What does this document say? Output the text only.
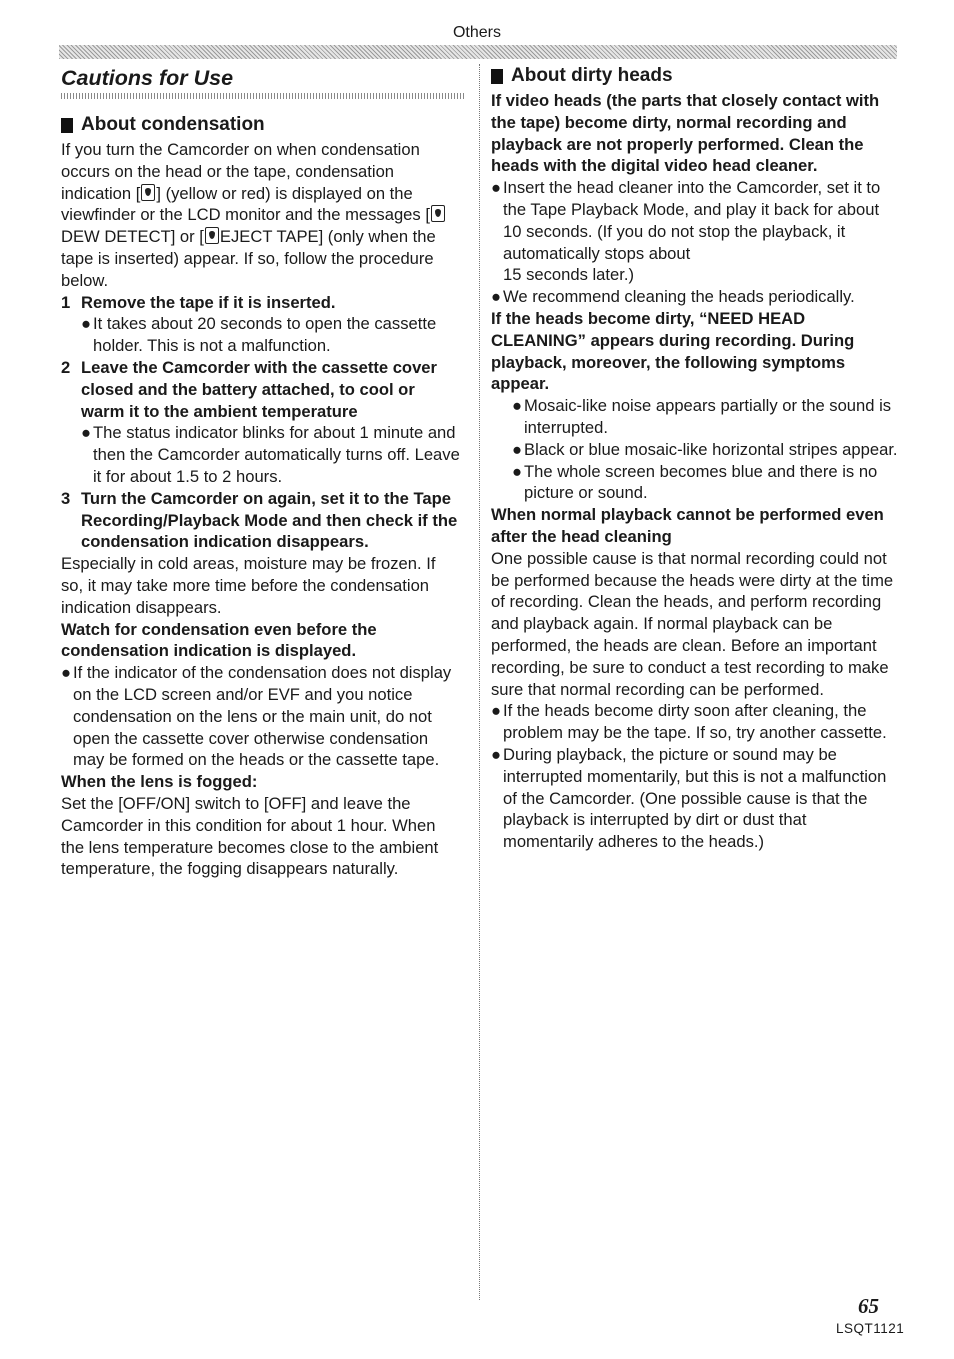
Others
Cautions for Use
About condensation

If you turn the Camcorder on when condensation occurs on the head or the tape, condensation indication [ ] (yellow or red) is displayed on the viewfinder or the LCD monitor and the messages [DEW DETECT] or [ EJECT TAPE] (only when the tape is inserted) appear. If so, follow the procedure below.

1 Remove the tape if it is inserted.

● It takes about 20 seconds to open the cassette holder. This is not a malfunction.

2 Leave the Camcorder with the cassette cover closed and the battery attached, to cool or warm it to the ambient temperature

● The status indicator blinks for about 1 minute and then the Camcorder automatically turns off. Leave it for about 1.5 to 2 hours.

3 Turn the Camcorder on again, set it to the Tape Recording/Playback Mode and then check if the condensation indication disappears.

Especially in cold areas, moisture may be frozen. If so, it may take more time before the condensation indication disappears.

Watch for condensation even before the condensation indication is displayed.

● If the indicator of the condensation does not display on the LCD screen and/or EVF and you notice condensation on the lens or the main unit, do not open the cassette cover otherwise condensation may be formed on the heads or the cassette tape.

When the lens is fogged:

Set the [OFF/ON] switch to [OFF] and leave the Camcorder in this condition for about 1 hour. When the lens temperature becomes close to the ambient temperature, the fogging disappears naturally.

About dirty heads

If video heads (the parts that closely contact with the tape) become dirty, normal recording and playback are not properly performed. Clean the heads with the digital video head cleaner.

● Insert the head cleaner into the Camcorder, set it to the Tape Playback Mode, and play it back for about 10 seconds. (If you do not stop the playback, it automatically stops about

15 seconds later.)

● We recommend cleaning the heads periodically.

If the heads become dirty, “NEED HEAD CLEANING” appears during recording. During playback, moreover, the following symptoms appear.

● Mosaic-like noise appears partially or the sound is interrupted.

● Black or blue mosaic-like horizontal stripes appear.

● The whole screen becomes blue and there is no picture or sound.

When normal playback cannot be performed even after the head cleaning

One possible cause is that normal recording could not be performed because the heads were dirty at the time of recording. Clean the heads, and perform recording and playback again. If normal playback can be performed, the heads are clean. Before an important recording, be sure to conduct a test recording to make sure that normal recording can be performed.

● If the heads become dirty soon after cleaning, the problem may be the tape. If so, try another cassette.

● During playback, the picture or sound may be interrupted momentarily, but this is not a malfunction of the Camcorder. (One possible cause is that the playback is interrupted by dirt or dust that momentarily adheres to the heads.)

65
LSQT1121
